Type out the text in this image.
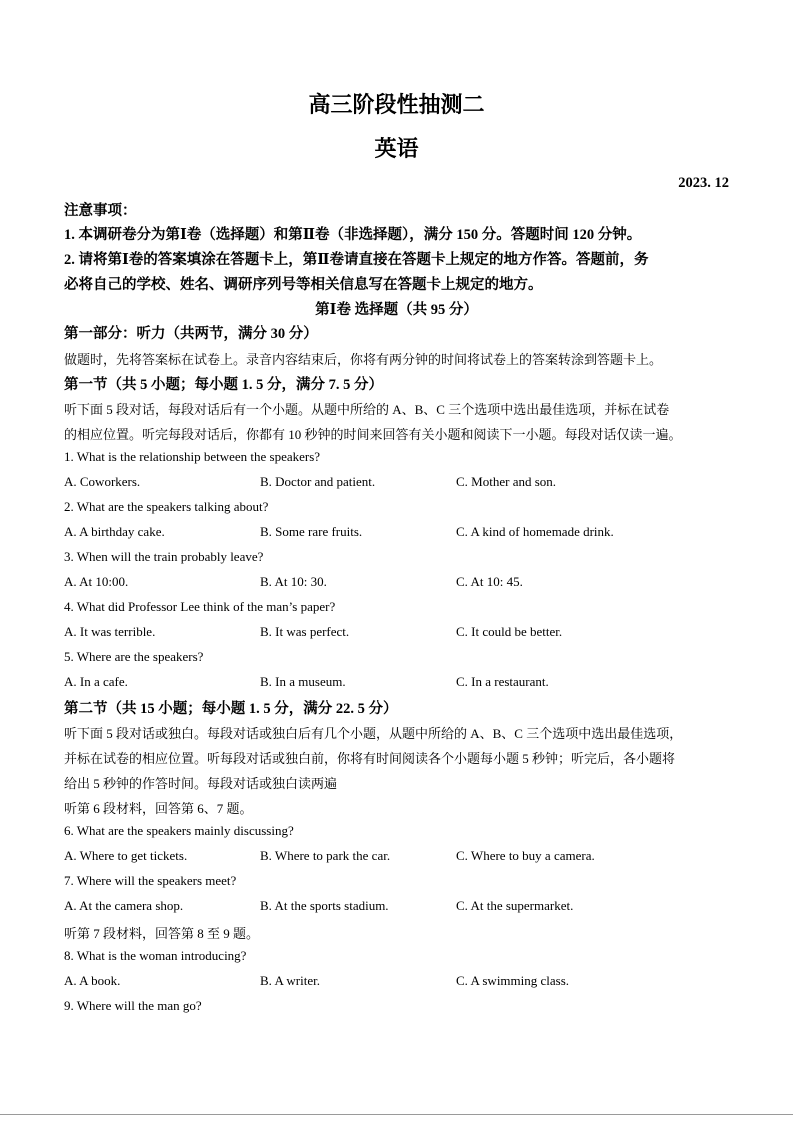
高三阶段性抽测二
英语
2023. 12
注意事项：
1. 本调研卷分为第Ⅰ卷（选择题）和第Ⅱ卷（非选择题），满分 150 分。答题时间 120 分钟。
2. 请将第Ⅰ卷的答案填涂在答题卡上，第Ⅱ卷请直接在答题卡上规定的地方作答。答题前，务
必将自己的学校、姓名、调研序列号等相关信息写在答题卡上规定的地方。
第Ⅰ卷 选择题（共 95 分）
第一部分：听力（共两节，满分 30 分）
做题时，先将答案标在试卷上。录音内容结束后，你将有两分钟的时间将试卷上的答案转涂到答题卡上。
第一节（共 5 小题；每小题 1. 5 分，满分 7. 5 分）
听下面 5 段对话，每段对话后有一个小题。从题中所给的 A、B、C 三个选项中选出最佳选项，并标在试卷
的相应位置。听完每段对话后，你都有 10 秒钟的时间来回答有关小题和阅读下一小题。每段对话仅读一遍。
1. What is the relationship between the speakers?
A. Coworkers.	B. Doctor and patient.	C. Mother and son.
2. What are the speakers talking about?
A. A birthday cake.	B. Some rare fruits.	C. A kind of homemade drink.
3. When will the train probably leave?
A. At 10:00.	B. At 10: 30.	C. At 10: 45.
4. What did Professor Lee think of the man’s paper?
A. It was terrible.	B. It was perfect.	C. It could be better.
5. Where are the speakers?
A. In a cafe.	B. In a museum.	C. In a restaurant.
第二节（共 15 小题；每小题 1. 5 分，满分 22. 5 分）
听下面 5 段对话或独白。每段对话或独白后有几个小题，从题中所给的 A、B、C 三个选项中选出最佳选项，
并标在试卷的相应位置。听每段对话或独白前，你将有时间阅读各个小题每小题 5 秒钟；听完后，各小题将
给出 5 秒钟的作答时间。每段对话或独白读两遍
听第 6 段材料，回答第 6、7 题。
6. What are the speakers mainly discussing?
A. Where to get tickets.	B. Where to park the car.	C. Where to buy a camera.
7. Where will the speakers meet?
A. At the camera shop.	B. At the sports stadium.	C. At the supermarket.
听第 7 段材料，回答第 8 至 9 题。
8. What is the woman introducing?
A. A book.	B. A writer.	C. A swimming class.
9. Where will the man go?
